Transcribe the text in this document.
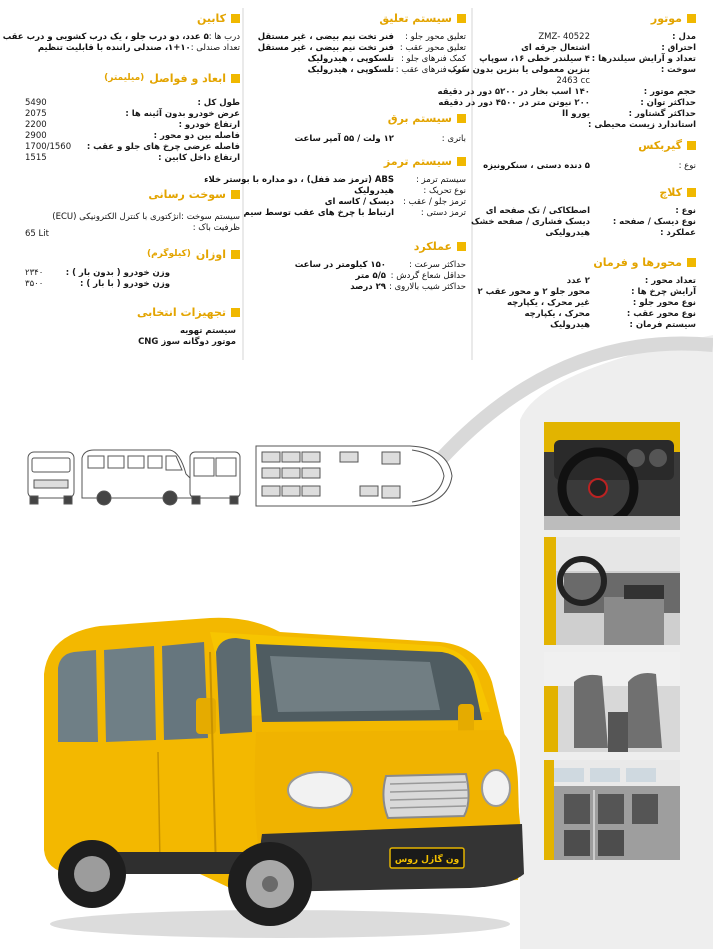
کابین
درب ها :
۵ عدد، دو درب جلو ، یک درب کشویی و درب عقب
تعداد صندلی :
۱+۱۰، صندلی راننده با قابلیت تنظیم
ابعاد و فواصل
(میلیمتر)
طول کل :
عرض خودرو بدون آئینه ها :
ارتفاع خودرو :
فاصله بین دو محور :
فاصله عرضی چرخ های جلو و عقب :
ارتفاع داخل کابین :
5490
2075
2200
2900
1700/1560
1515
سوخت رسانی
سیستم سوخت :
انژکتوری با کنترل الکترونیکی (ECU)
ظرفیت باک :
65 Lit
اوزان
(کیلوگرم)
وزن خودرو ( بدون بار ) :
وزن خودرو ( با بار ) :
۲۳۴۰
۳۵۰۰
تجهیزات انتخابی
سیستم تهویه
موتور دوگانه سوز CNG
سیستم تعلیق
تعلیق محور جلو :
فنر تخت نیم بیضی ، غیر مستقل
تعلیق محور عقب :
فنر تخت نیم بیضی ، غیر مستقل
کمک فنرهای جلو :
تلسکوپی ، هیدرولیک
کمک فنرهای عقب :
تلسکوپی ، هیدرولیک
سیستم برق
باتری :
۱۲ ولت / ۵۵ آمپر ساعت
سیستم ترمز
سیستم ترمز :
ABS (ترمز ضد قفل) ، دو مداره با بوستر خلاء
نوع تحریک :
هیدرولیک
ترمز جلو / عقب :
دیسک / کاسه ای
ترمز دستی :
ارتباط با چرخ های عقب توسط سیم
عملکرد
حداکثر سرعت :
۱۵۰ کیلومتر در ساعت
حداقل شعاع گردش :
۵/۵ متر
حداکثر شیب بالاروی :
۲۹ درصد
موتور
مدل :
احتراق :
تعداد و آرایش سیلندرها :
سوخت :
حجم موتور :
حداکثر توان :
حداکثر گشتاور :
استاندارد زیست محیطی :
ZMZ- 40522
اشتعال جرقه ای
۴ سیلندر خطی ۱۶، سوپاپ
بنزین معمولی یا بنزین بدون سرب
2463 cc
۱۴۰ اسب بخار در ۵۲۰۰ دور در دقیقه
۲۰۰ نیوتن متر در ۴۵۰۰ دور در دقیقه
یورو II
گیربکس
نوع :
۵ دنده دستی ، سنکرونیزه
کلاچ
نوع :
نوع دیسک / صفحه :
عملکرد :
اصطکاکی / تک صفحه ای
دیسک فشاری / صفحه خشک
هیدرولیکی
محورها و فرمان
تعداد محور :
آرایش چرخ ها :
نوع محور جلو :
نوع محور عقب :
سیستم فرمان :
۲ عدد
محور جلو ۲ و محور عقب ۲
غیر محرک ، یکپارچه
محرک ، یکپارچه
هیدرولیک
ون گازل روس
